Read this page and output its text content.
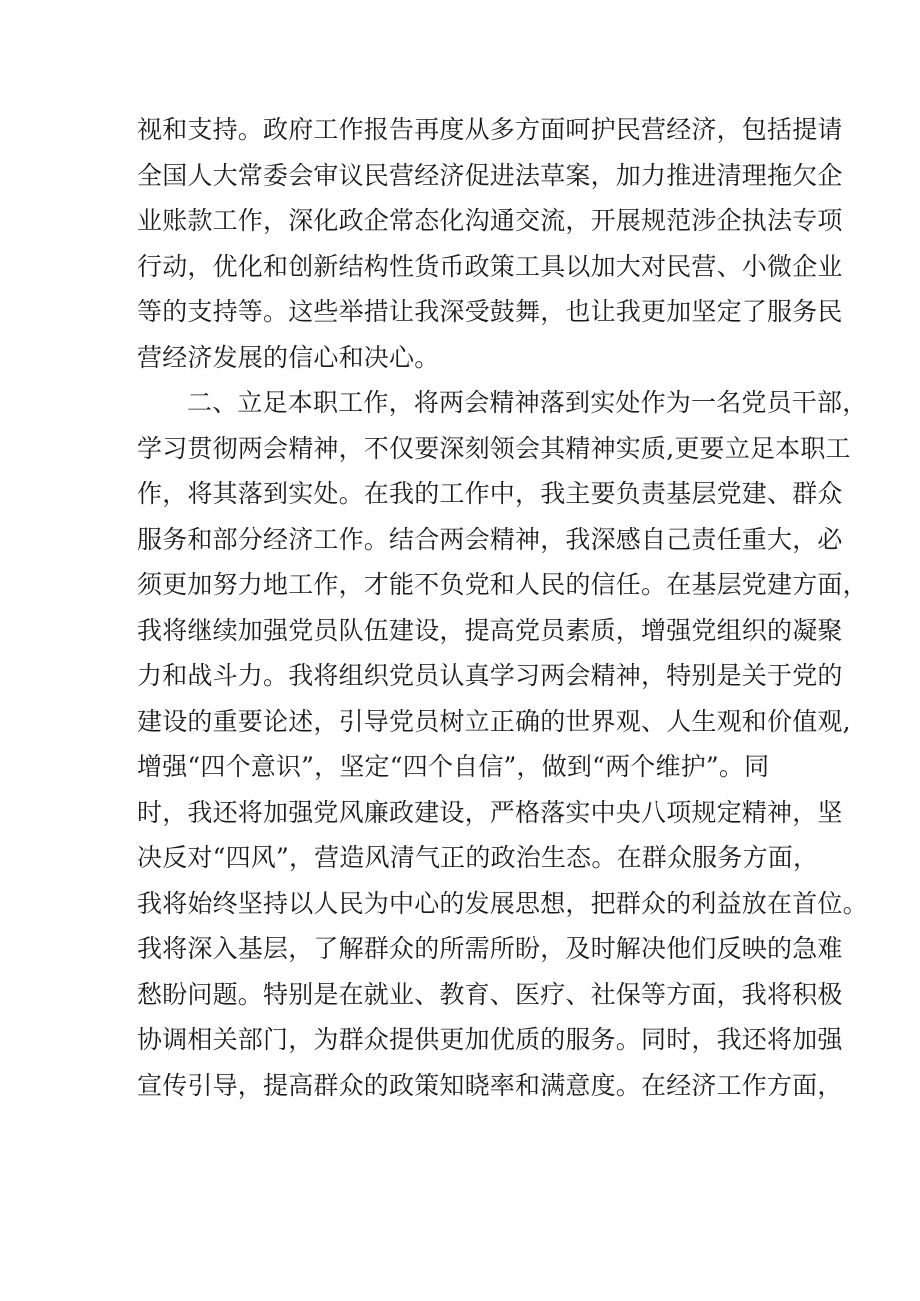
视和支持。政府工作报告再度从多方面呵护民营经济，包括提请
全国人大常委会审议民营经济促进法草案，加力推进清理拖欠企
业账款工作，深化政企常态化沟通交流，开展规范涉企执法专项
行动，优化和创新结构性货币政策工具以加大对民营、小微企业
等的支持等。这些举措让我深受鼓舞，也让我更加坚定了服务民
营经济发展的信心和决心。
二、立足本职工作，将两会精神落到实处作为一名党员干部，
学习贯彻两会精神，不仅要深刻领会其精神实质,更要立足本职工
作，将其落到实处。在我的工作中，我主要负责基层党建、群众
服务和部分经济工作。结合两会精神，我深感自己责任重大，必
须更加努力地工作，才能不负党和人民的信任。在基层党建方面，
我将继续加强党员队伍建设，提高党员素质，增强党组织的凝聚
力和战斗力。我将组织党员认真学习两会精神，特别是关于党的
建设的重要论述，引导党员树立正确的世界观、人生观和价值观,
增强“四个意识”，坚定“四个自信”，做到“两个维护”。同
时，我还将加强党风廉政建设，严格落实中央八项规定精神，坚
决反对“四风”，营造风清气正的政治生态。在群众服务方面，
我将始终坚持以人民为中心的发展思想，把群众的利益放在首位。
我将深入基层，了解群众的所需所盼，及时解决他们反映的急难
愁盼问题。特别是在就业、教育、医疗、社保等方面，我将积极
协调相关部门，为群众提供更加优质的服务。同时，我还将加强
宣传引导，提高群众的政策知晓率和满意度。在经济工作方面，
